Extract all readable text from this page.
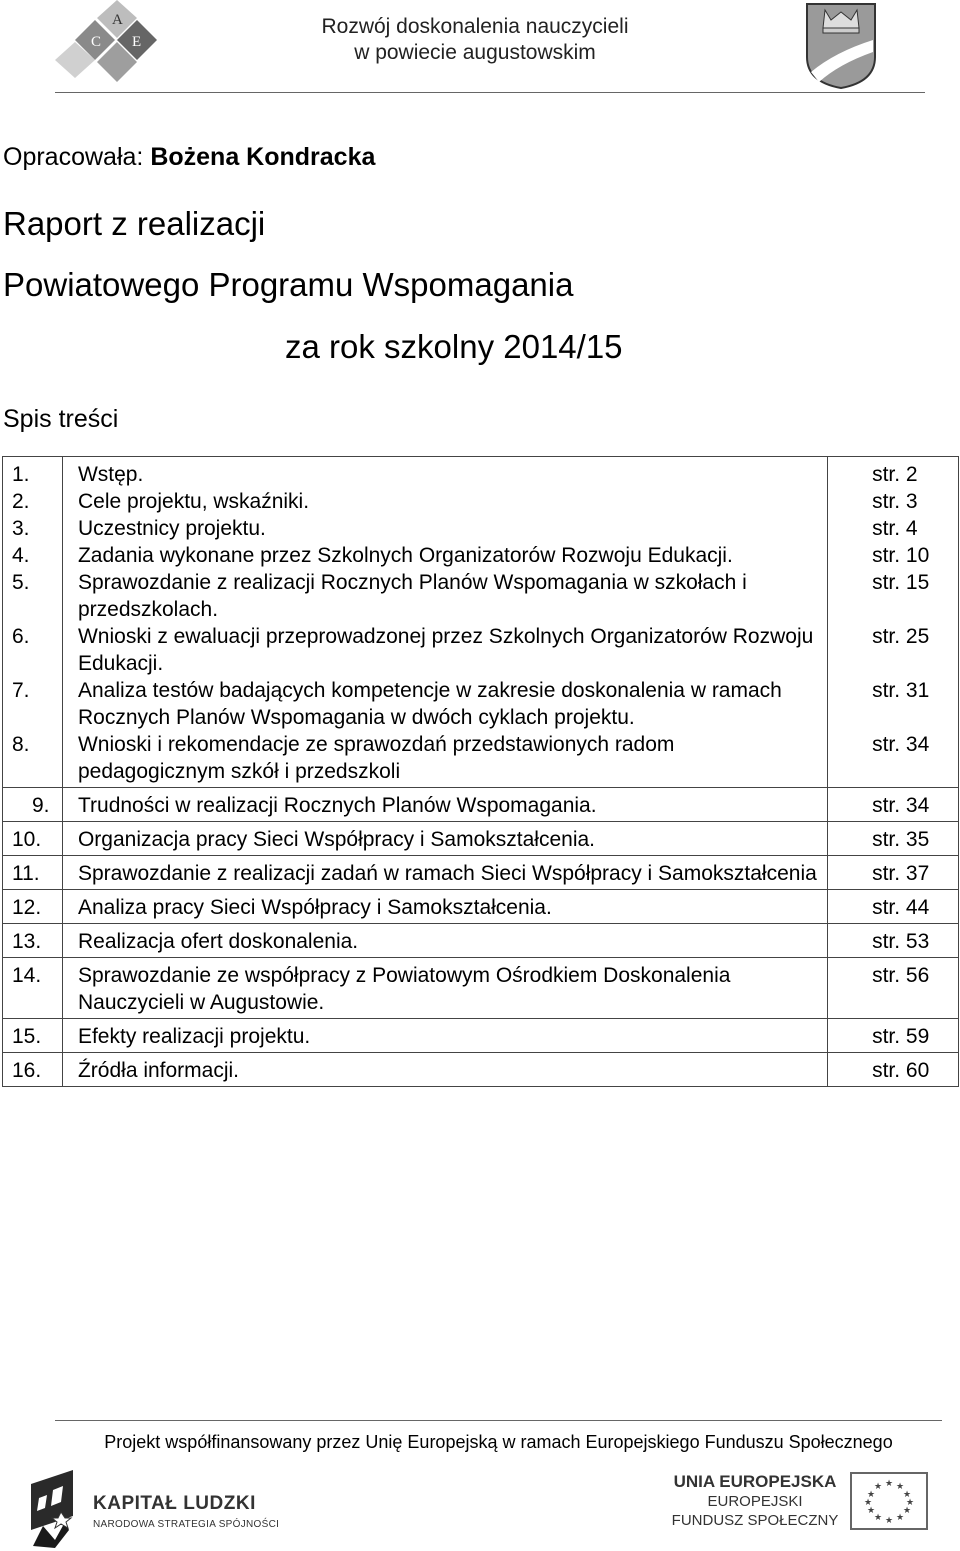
C
A
E
Rozwój doskonalenia nauczycieli
w powiecie augustowskim
Opracowała: Bożena Kondracka
Raport z realizacji
Powiatowego Programu Wspomagania
za rok szkolny 2014/15
Spis treści
1.	Wstęp.	str. 2
2.	Cele projektu, wskaźniki.	str. 3
3.	Uczestnicy projektu.	str. 4
4.	Zadania wykonane przez Szkolnych Organizatorów Rozwoju Edukacji.	str. 10
5.	Sprawozdanie z realizacji Rocznych Planów Wspomagania w szkołach i przedszkolach.	str. 15
6.	Wnioski z ewaluacji przeprowadzonej przez Szkolnych Organizatorów Rozwoju Edukacji.	str. 25
7.	Analiza testów badających kompetencje w zakresie doskonalenia w ramach Rocznych Planów Wspomagania w dwóch cyklach projektu.	str. 31
8.	Wnioski i rekomendacje ze sprawozdań przedstawionych radom pedagogicznym szkół i przedszkoli	str. 34
9.	Trudności w realizacji Rocznych Planów Wspomagania.	str. 34
10.	Organizacja pracy Sieci Współpracy i Samokształcenia.	str. 35
11.	Sprawozdanie z realizacji zadań w ramach Sieci Współpracy i Samokształcenia	str. 37
12.	Analiza pracy Sieci Współpracy i Samokształcenia.	str. 44
13.	Realizacja ofert doskonalenia.	str. 53
14.	Sprawozdanie ze współpracy z Powiatowym Ośrodkiem Doskonalenia Nauczycieli w Augustowie.	str. 56
15.	Efekty realizacji projektu.	str. 59
16.	Źródła informacji.	str. 60
Projekt współfinansowany przez Unię Europejską w ramach Europejskiego Funduszu Społecznego
KAPITAŁ LUDZKI
NARODOWA STRATEGIA SPÓJNOŚCI
UNIA EUROPEJSKA
EUROPEJSKI
FUNDUSZ SPOŁECZNY
★ ★
★
★
★
★
★
★
★
★
★
★
